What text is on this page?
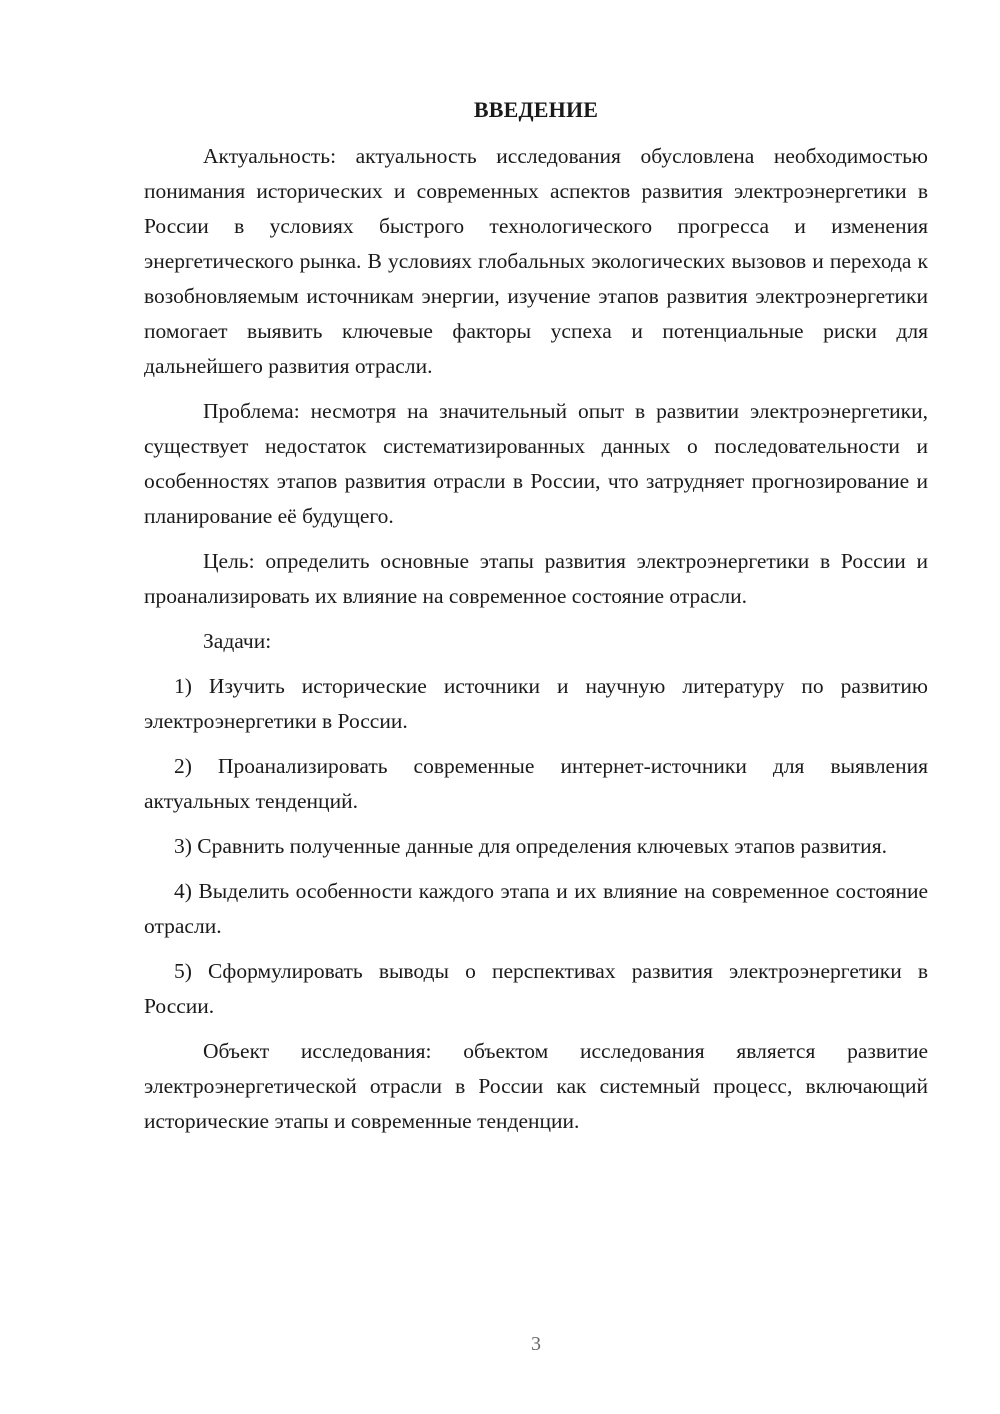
ВВЕДЕНИЕ

Актуальность: актуальность исследования обусловлена необходимостью понимания исторических и современных аспектов развития электроэнергетики в России в условиях быстрого технологического прогресса и изменения энергетического рынка. В условиях глобальных экологических вызовов и перехода к возобновляемым источникам энергии, изучение этапов развития электроэнергетики помогает выявить ключевые факторы успеха и потенциальные риски для дальнейшего развития отрасли.

Проблема: несмотря на значительный опыт в развитии электроэнергетики, существует недостаток систематизированных данных о последовательности и особенностях этапов развития отрасли в России, что затрудняет прогнозирование и планирование её будущего.

Цель: определить основные этапы развития электроэнергетики в России и проанализировать их влияние на современное состояние отрасли.

Задачи:

1) Изучить исторические источники и научную литературу по развитию электроэнергетики в России.

2) Проанализировать современные интернет-источники для выявления актуальных тенденций.

3) Сравнить полученные данные для определения ключевых этапов развития.

4) Выделить особенности каждого этапа и их влияние на современное состояние отрасли.

5) Сформулировать выводы о перспективах развития электроэнергетики в России.

Объект исследования: объектом исследования является развитие электроэнергетической отрасли в России как системный процесс, включающий исторические этапы и современные тенденции.

3
